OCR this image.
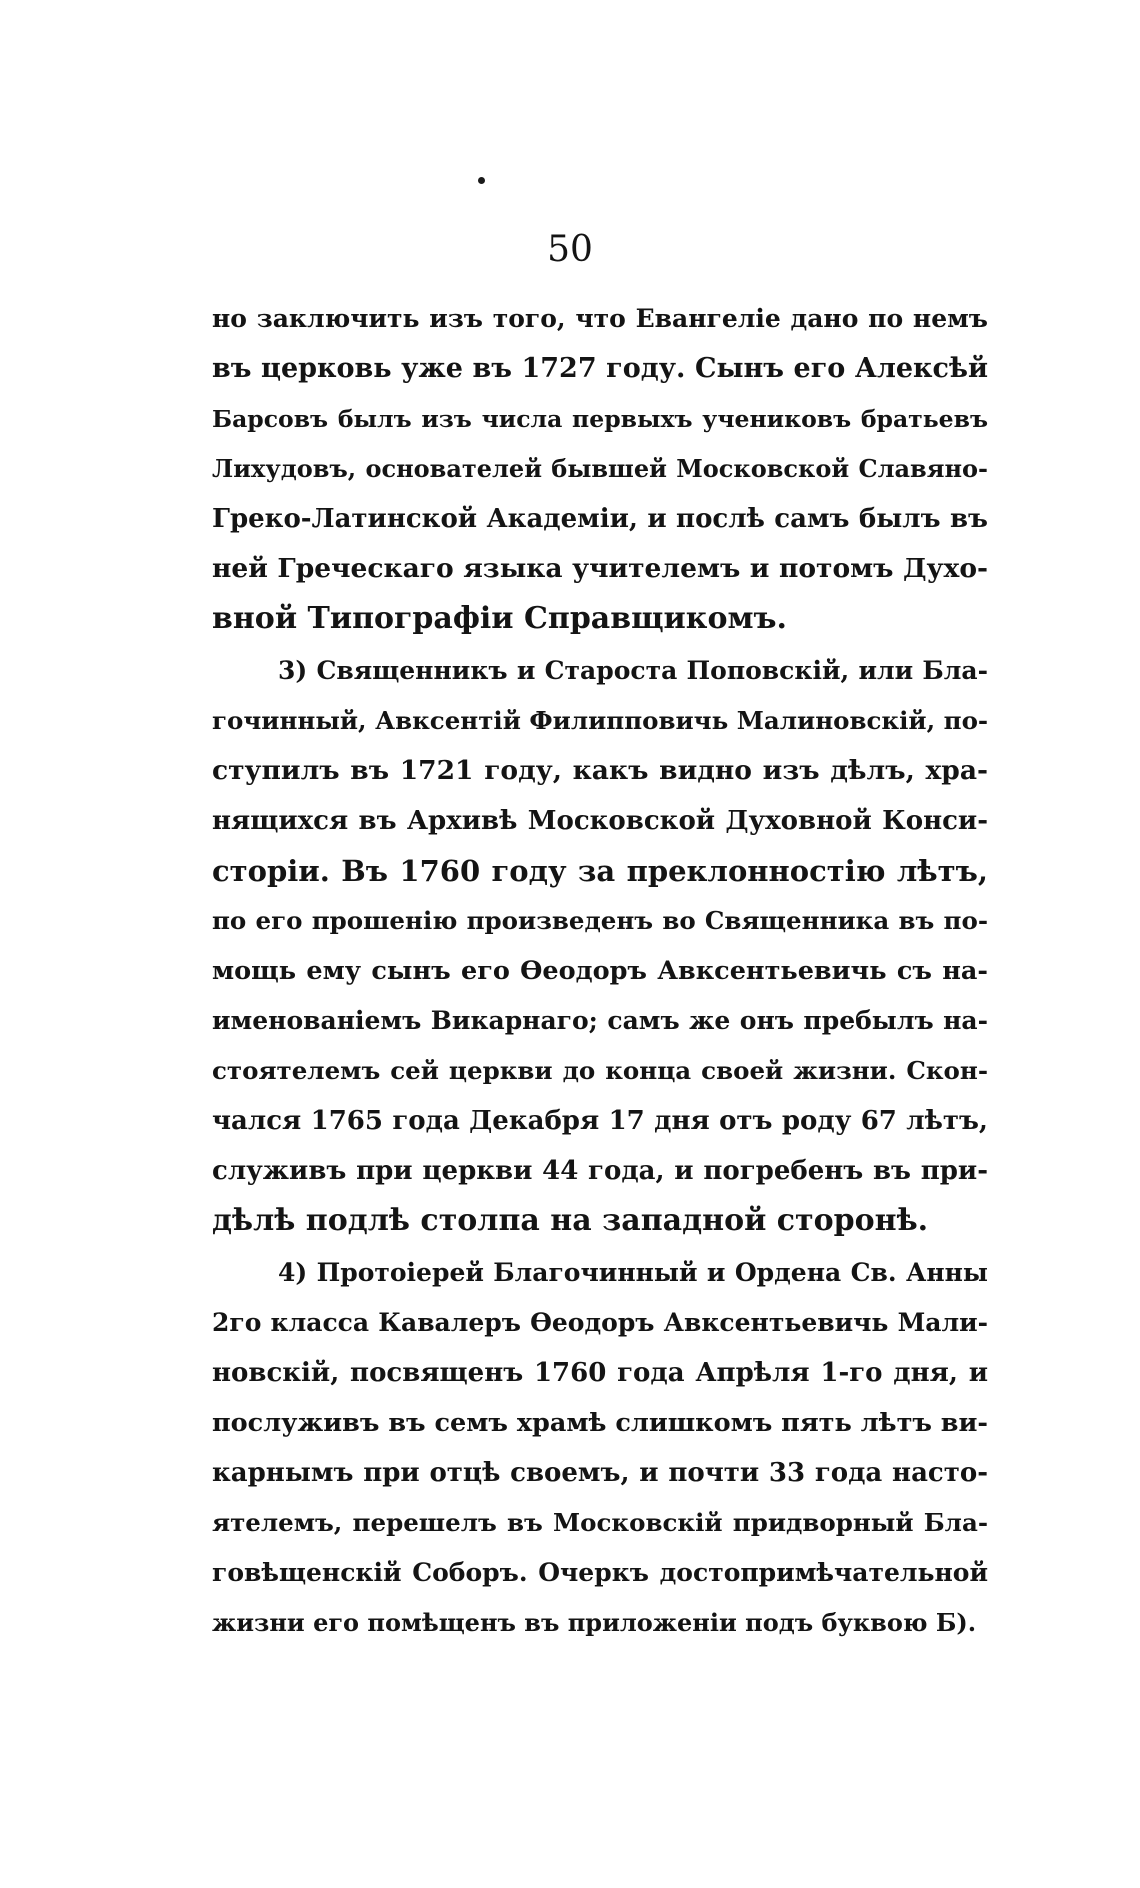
50
но заключить изъ того, что Евангеліе дано по немъ
въ церковь уже въ 1727 году. Сынъ его Алексѣй
Барсовъ былъ изъ числа первыхъ учениковъ братьевъ
Лихудовъ, основателей бывшей Московской Славяно-
Греко-Латинской Академіи, и послѣ самъ былъ въ
ней Греческаго языка учителемъ и потомъ Духо-
вной Типографіи Справщикомъ.
3) Священникъ и Староста Поповскій, или Бла-
гочинный, Авксентій Филипповичь Малиновскій, по-
ступилъ въ 1721 году, какъ видно изъ дѣлъ, хра-
нящихся въ Архивѣ Московской Духовной Конси-
сторіи. Въ 1760 году за преклонностію лѣтъ,
по его прошенію произведенъ во Священника въ по-
мощь ему сынъ его Ѳеодоръ Авксентьевичь съ на-
именованіемъ Викарнаго; самъ же онъ пребылъ на-
стоятелемъ сей церкви до конца своей жизни. Скон-
чался 1765 года Декабря 17 дня отъ роду 67 лѣтъ,
служивъ при церкви 44 года, и погребенъ въ при-
дѣлѣ подлѣ столпа на западной сторонѣ.
4) Протоіерей Благочинный и Ордена Св. Анны
2го класса Кавалеръ Ѳеодоръ Авксентьевичь Мали-
новскій, посвященъ 1760 года Апрѣля 1-го дня, и
послуживъ въ семъ храмѣ слишкомъ пять лѣтъ ви-
карнымъ при отцѣ своемъ, и почти 33 года насто-
ятелемъ, перешелъ въ Московскій придворный Бла-
говѣщенскій Соборъ. Очеркъ достопримѣчательной
жизни его помѣщенъ въ приложеніи подъ буквою Б).
